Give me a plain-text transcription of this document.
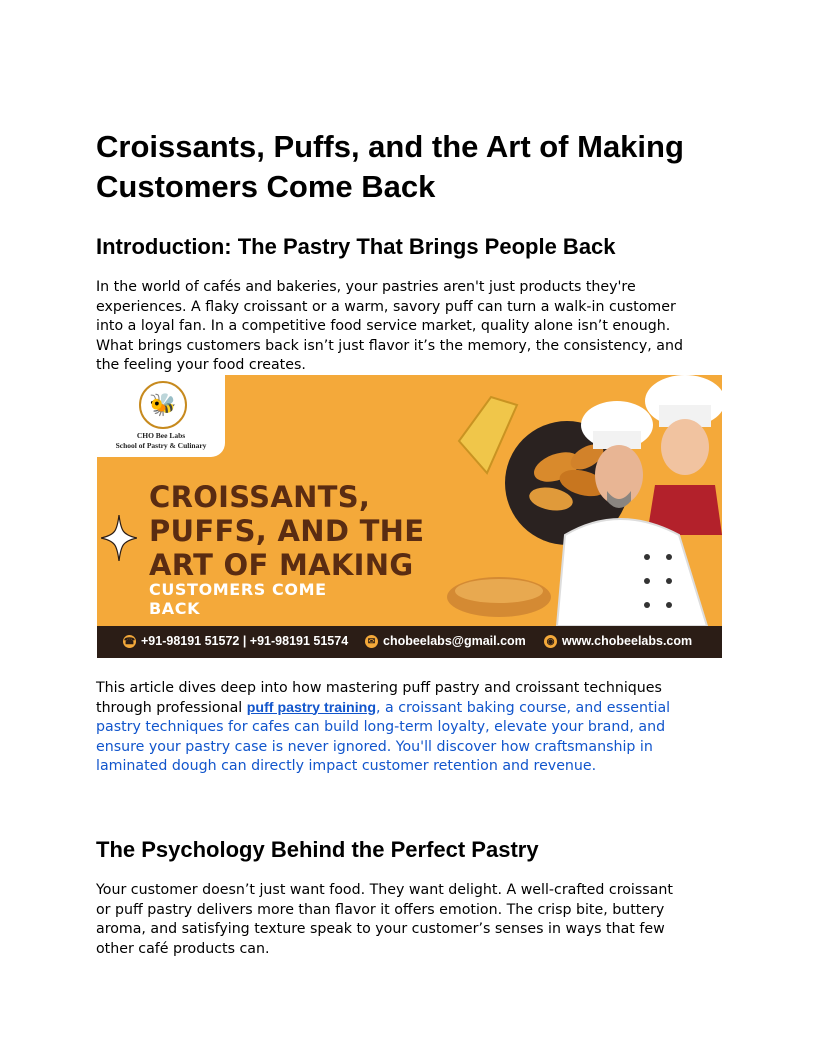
Croissants, Puffs, and the Art of Making
Customers Come Back
Introduction: The Pastry That Brings People Back

In the world of cafés and bakeries, your pastries aren't just products they're
experiences. A flaky croissant or a warm, savory puff can turn a walk-in customer
into a loyal fan. In a competitive food service market, quality alone isn’t enough.
What brings customers back isn’t just flavor it’s the memory, the consistency, and
the feeling your food creates.

🐝
CHO Bee Labs
School of Pastry & Culinary
CROISSANTS,
PUFFS, AND THE
ART OF MAKING
CUSTOMERS COME
BACK
☎ +91-98191 51572 | +91-98191 51574	✉ chobeelabs@gmail.com ◉ www.chobeelabs.com

This article dives deep into how mastering puff pastry and croissant techniques
through professional puff pastry training, a croissant baking course, and essential
pastry techniques for cafes can build long-term loyalty, elevate your brand, and
ensure your pastry case is never ignored. You'll discover how craftsmanship in
laminated dough can directly impact customer retention and revenue.

The Psychology Behind the Perfect Pastry

Your customer doesn’t just want food. They want delight. A well-crafted croissant
or puff pastry delivers more than flavor it offers emotion. The crisp bite, buttery
aroma, and satisfying texture speak to your customer’s senses in ways that few
other café products can.
